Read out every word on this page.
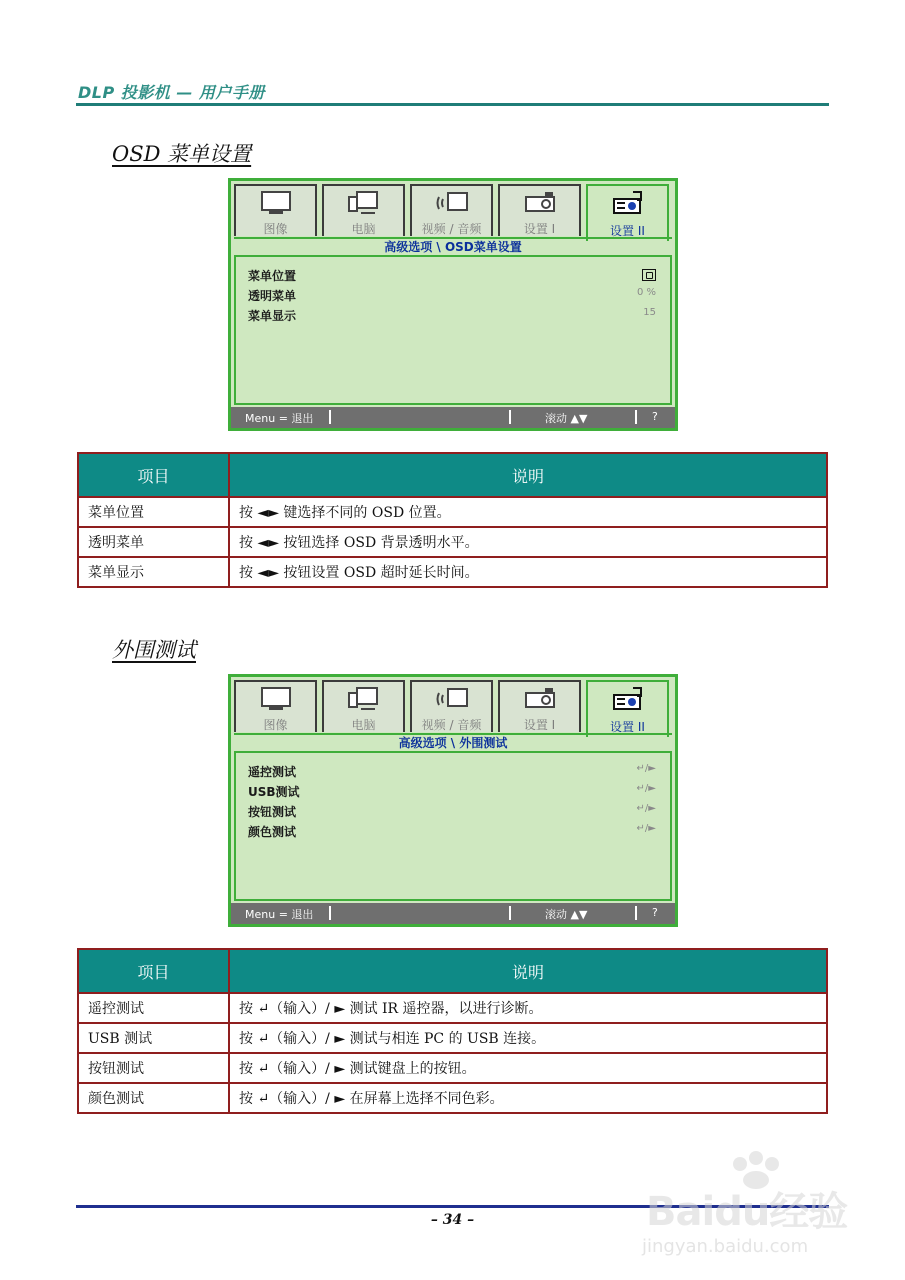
DLP 投影机 — 用户手册
OSD 菜单设置
图像	电脑	视频 / 音频	设置 I	设置 II
高级选项 \ OSD菜单设置
菜单位置
透明菜单	0 %
菜单显示	15
Menu = 退出	滚动 ▲▼	?
项目	说明
菜单位置	按 ◄► 键选择不同的 OSD 位置。
透明菜单	按 ◄► 按钮选择 OSD 背景透明水平。
菜单显示	按 ◄► 按钮设置 OSD 超时延长时间。
外围测试
图像	电脑	视频 / 音频	设置 I	设置 II
高级选项 \ 外围测试
遥控测试	↵/►
USB测试	↵/►
按钮测试	↵/►
颜色测试	↵/►
Menu = 退出	滚动 ▲▼	?
项目	说明
遥控测试	按 ↵（输入）/ ► 测试 IR 遥控器，以进行诊断。
USB 测试	按 ↵（输入）/ ► 测试与相连 PC 的 USB 连接。
按钮测试	按 ↵（输入）/ ► 测试键盘上的按钮。
颜色测试	按 ↵（输入）/ ► 在屏幕上选择不同色彩。
– 34 –	Baidu经验
jingyan.baidu.com
